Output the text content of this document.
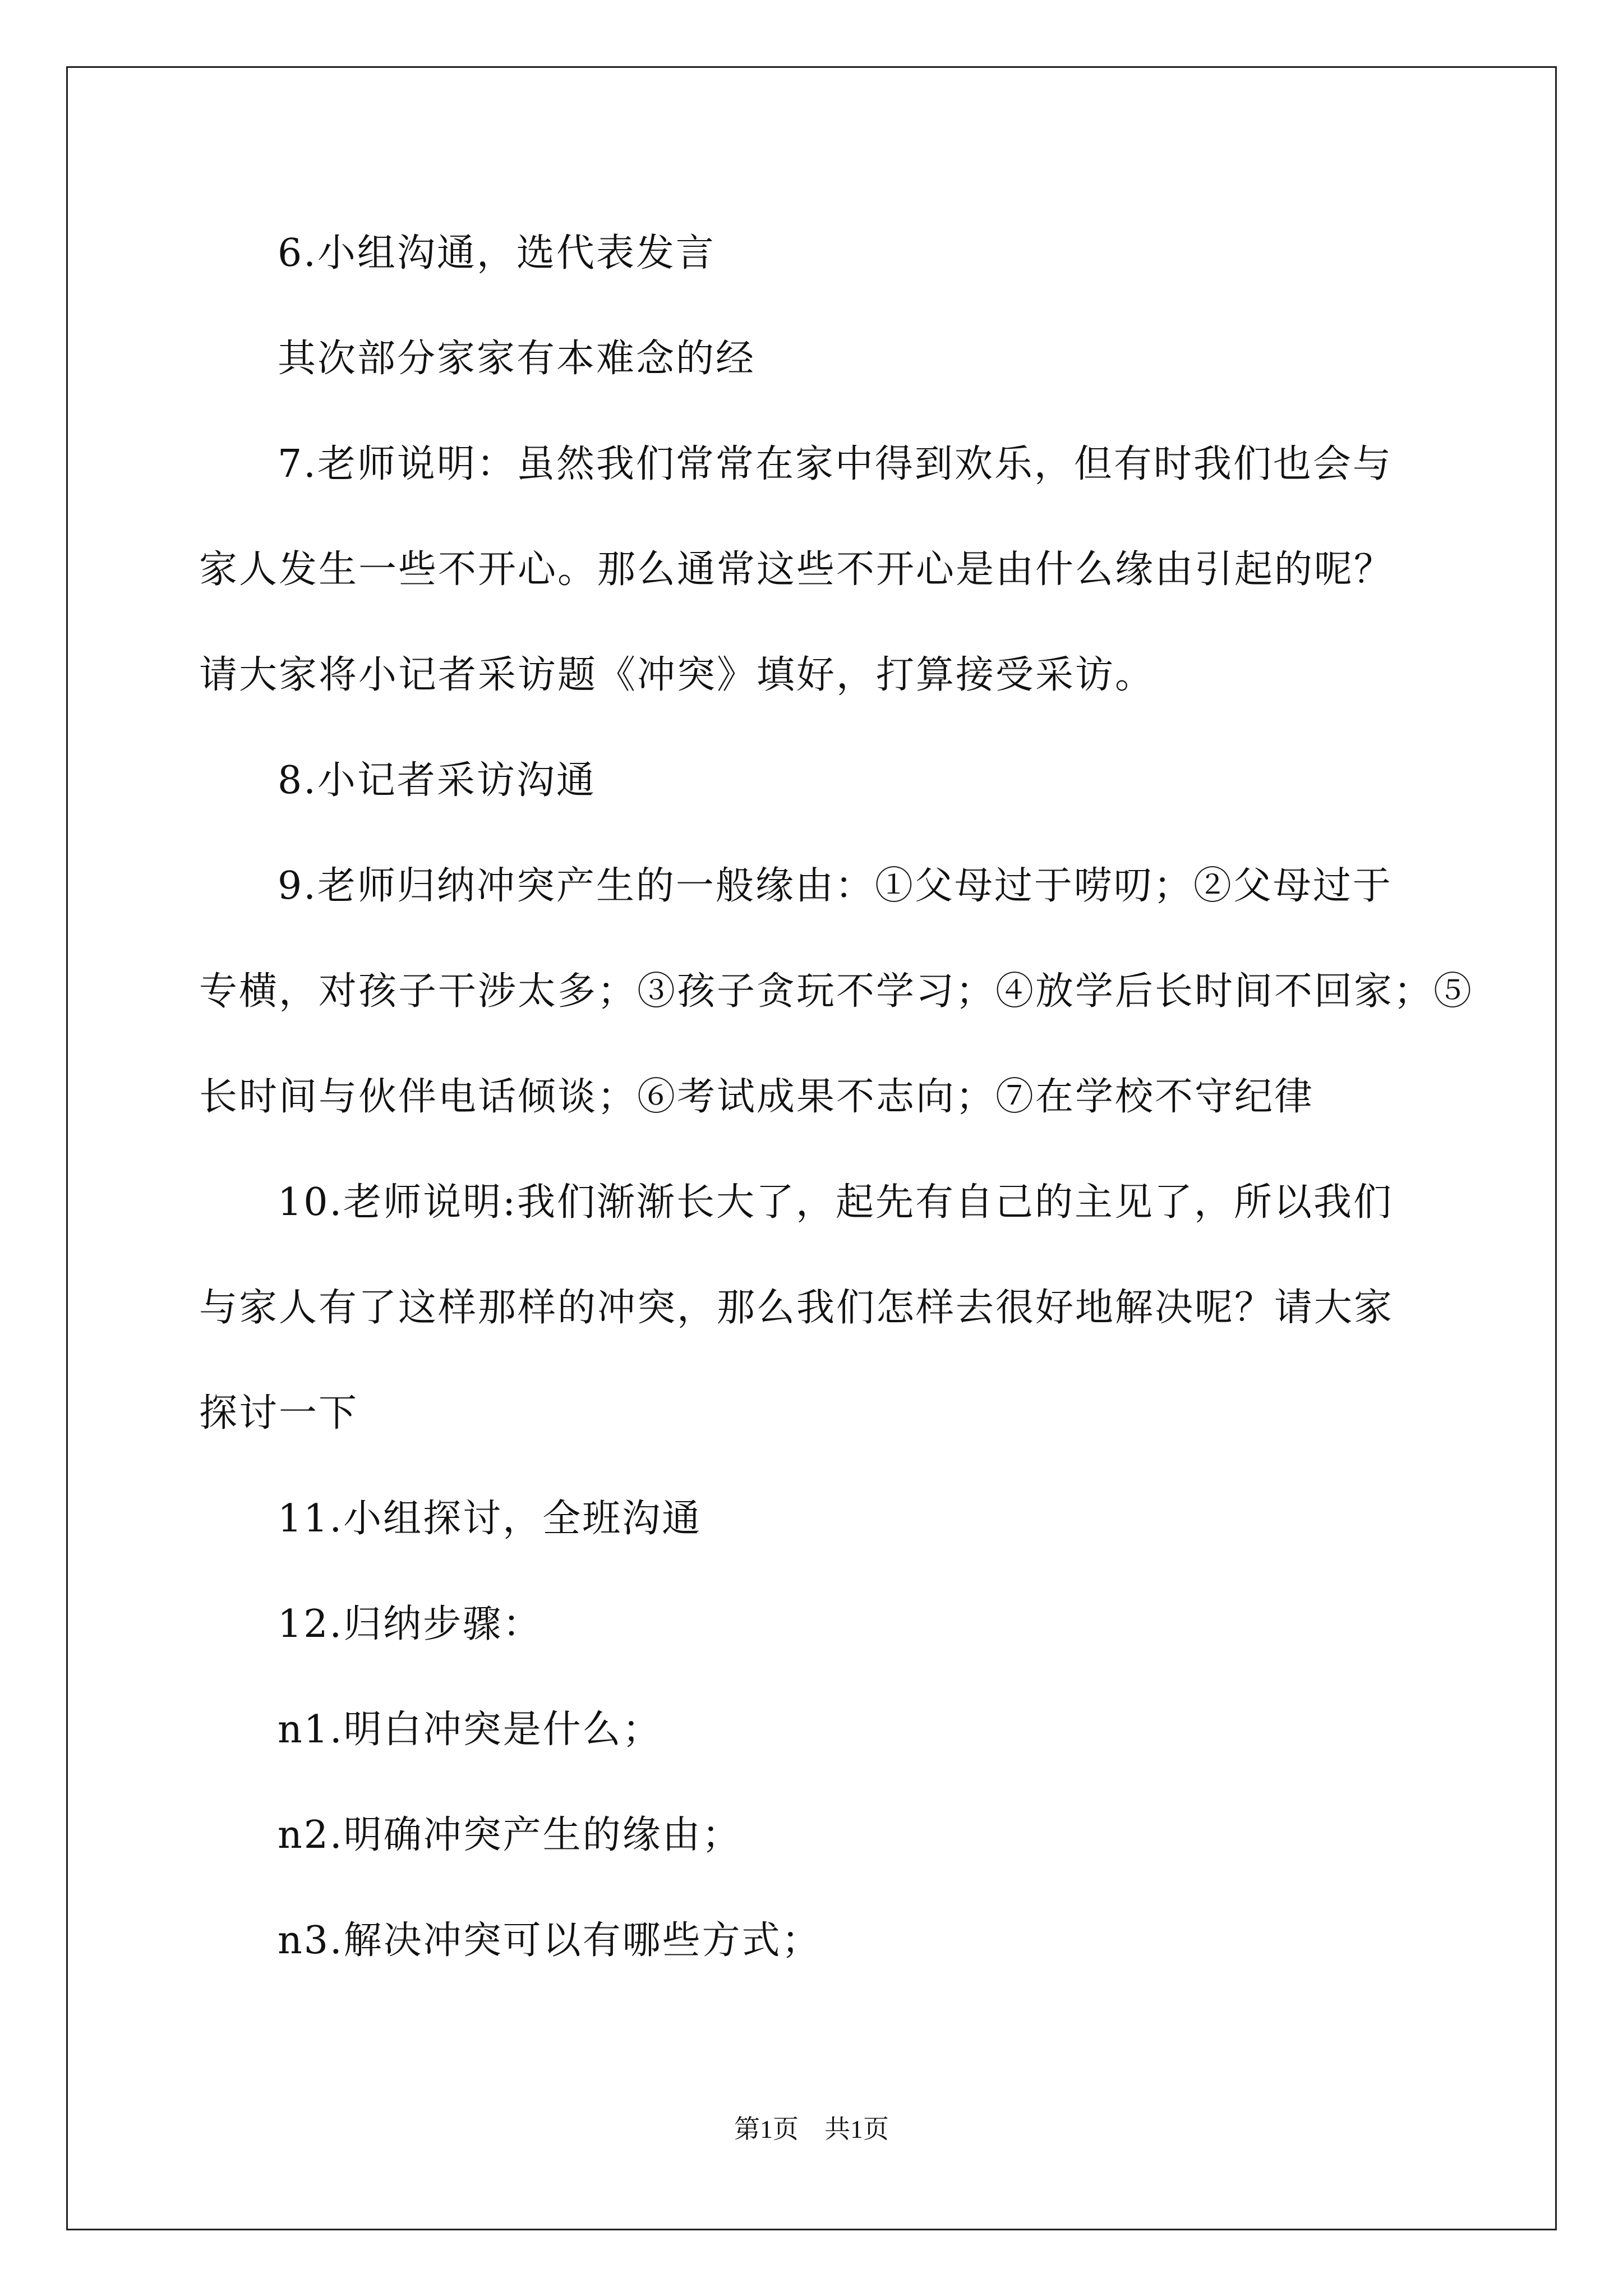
6.小组沟通，选代表发言
其次部分家家有本难念的经
7.老师说明：虽然我们常常在家中得到欢乐，但有时我们也会与
家人发生一些不开心。那么通常这些不开心是由什么缘由引起的呢？
请大家将小记者采访题《冲突》填好，打算接受采访。
8.小记者采访沟通
9.老师归纳冲突产生的一般缘由：①父母过于唠叨；②父母过于
专横，对孩子干涉太多；③孩子贪玩不学习；④放学后长时间不回家；⑤
长时间与伙伴电话倾谈；⑥考试成果不志向；⑦在学校不守纪律
10.老师说明:我们渐渐长大了，起先有自己的主见了，所以我们
与家人有了这样那样的冲突，那么我们怎样去很好地解决呢？请大家
探讨一下
11.小组探讨，全班沟通
12.归纳步骤：
n1.明白冲突是什么；
n2.明确冲突产生的缘由；
n3.解决冲突可以有哪些方式；
第1页　共1页
